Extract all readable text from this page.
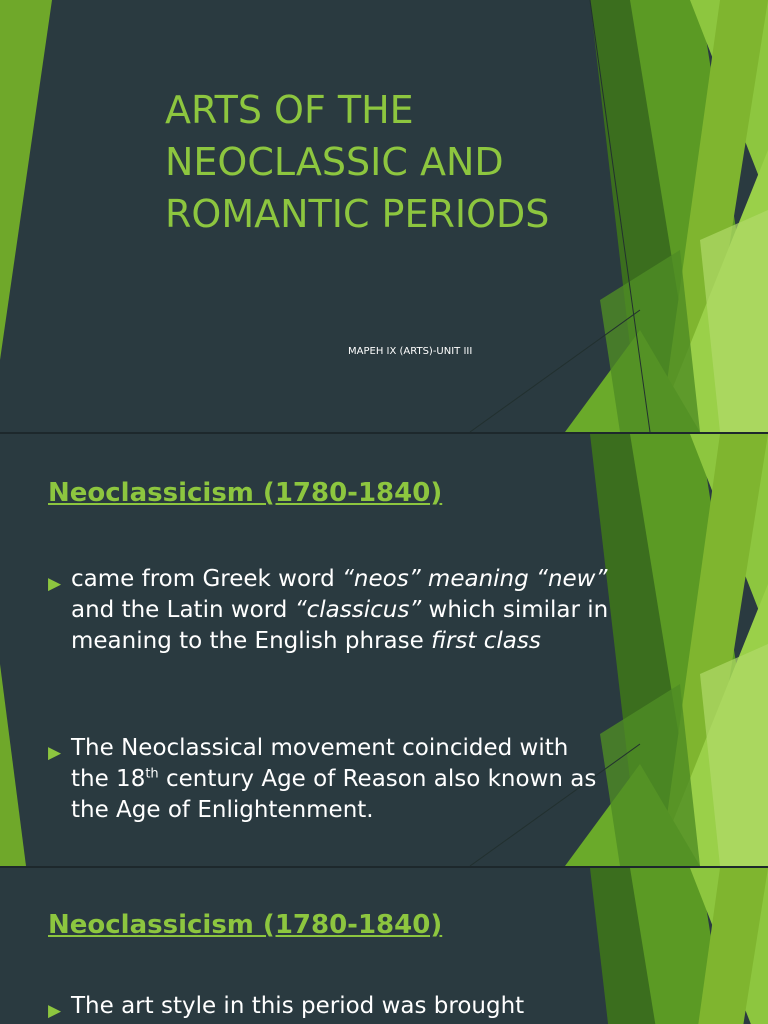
ARTS OF THE NEOCLASSIC AND ROMANTIC PERIODS
MAPEH IX (ARTS)-UNIT III
Neoclassicism (1780-1840)
▶ came from Greek word “neos” meaning “new” and the Latin word “classicus” which similar in meaning to the English phrase first class

▶ The Neoclassical movement coincided with the 18th century Age of Reason also known as the Age of Enlightenment.

Neoclassicism (1780-1840)
▶ The art style in this period was brought
